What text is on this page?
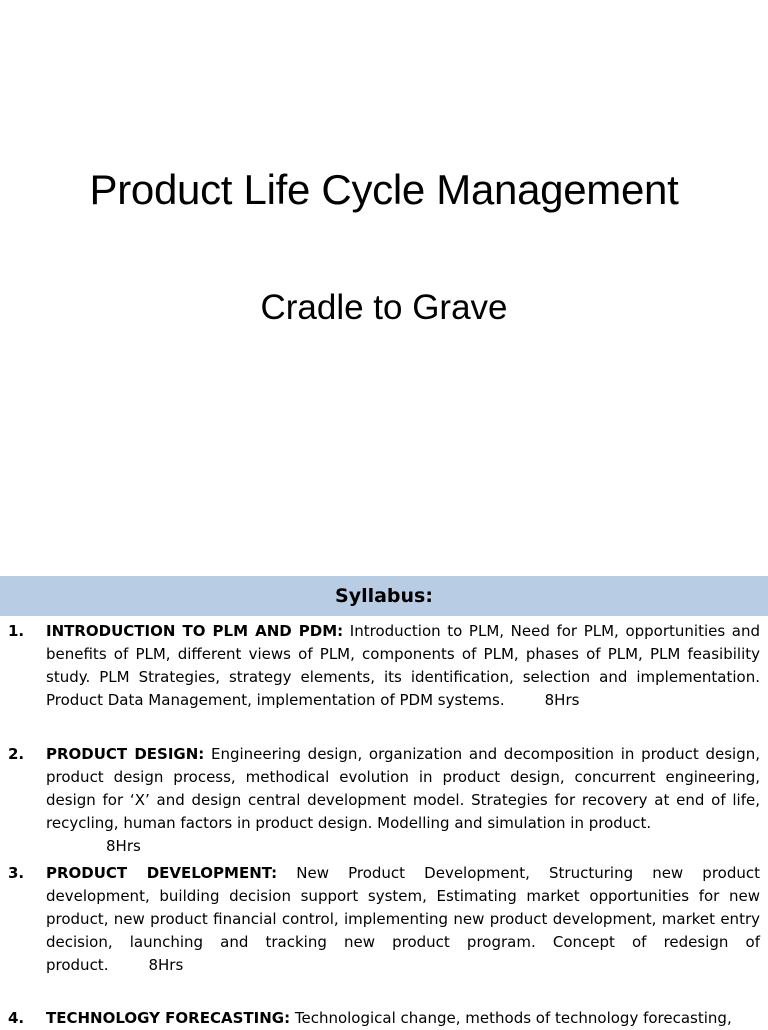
Product Life Cycle Management
Cradle to Grave
Syllabus:
1. INTRODUCTION TO PLM AND PDM: Introduction to PLM, Need for PLM, opportunities and benefits of PLM, different views of PLM, components of PLM, phases of PLM, PLM feasibility study. PLM Strategies, strategy elements, its identification, selection and implementation. Product Data Management, implementation of PDM systems.	8Hrs
2. PRODUCT DESIGN: Engineering design, organization and decomposition in product design, product design process, methodical evolution in product design, concurrent engineering, design for ‘X’ and design central development model. Strategies for recovery at end of life, recycling, human factors in product design. Modelling and simulation in product.
8Hrs
3. PRODUCT DEVELOPMENT: New Product Development, Structuring new product development, building decision support system, Estimating market opportunities for new product, new product financial control, implementing new product development, market entry decision, launching and tracking new product program. Concept of redesign of product.	8Hrs
4. TECHNOLOGY FORECASTING: Technological change, methods of technology forecasting,
